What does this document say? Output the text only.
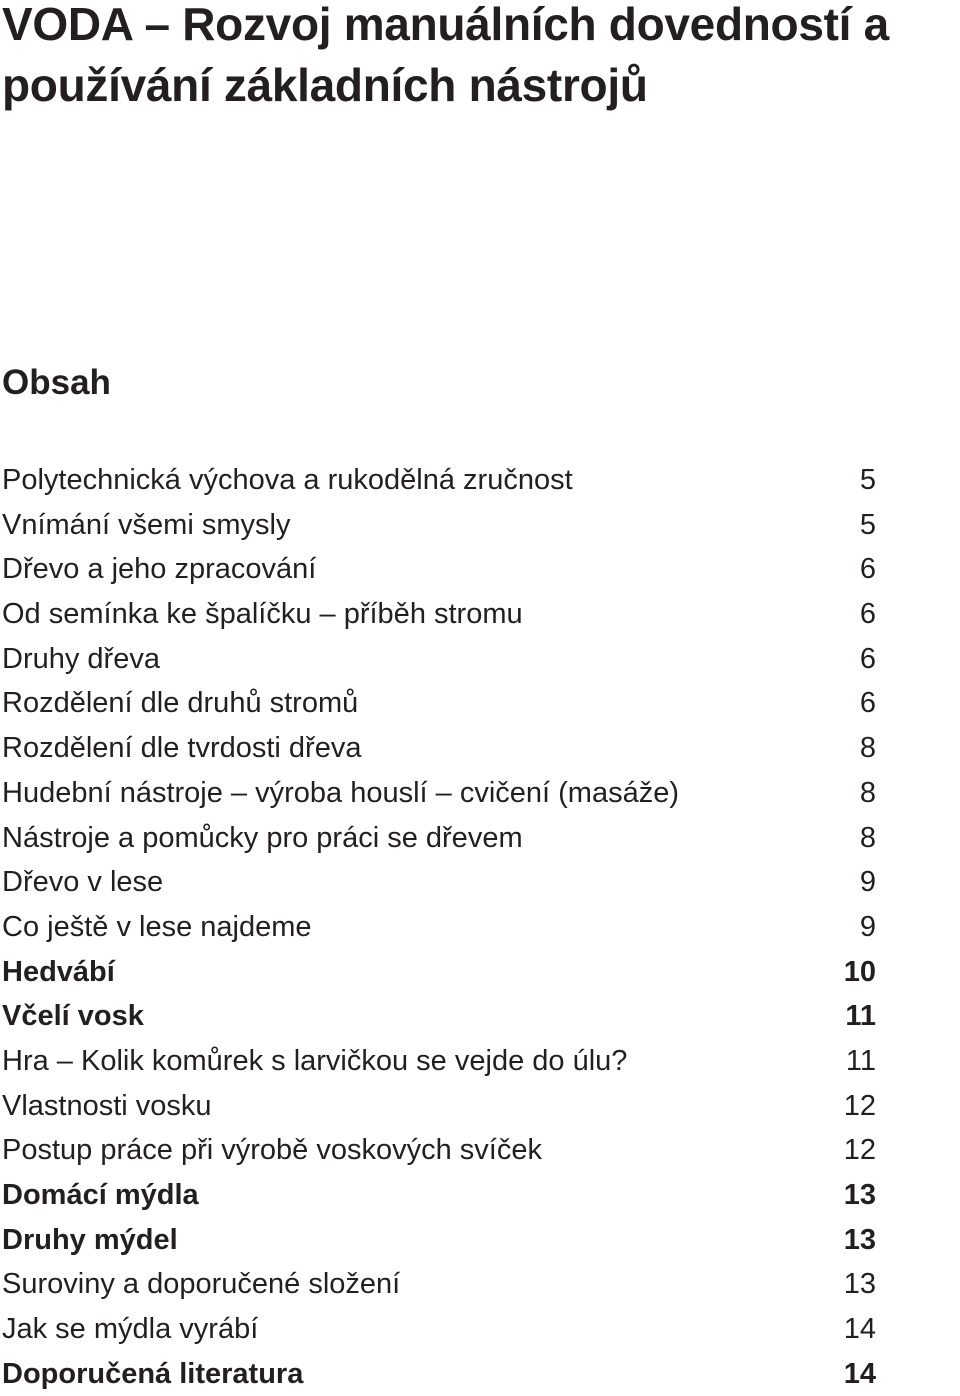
VODA – Rozvoj manuálních dovedností a používání základních nástrojů
Obsah
Polytechnická výchova a rukodělná zručnost	5
Vnímání všemi smysly	5
Dřevo a jeho zpracování	6
Od semínka ke špalíčku – příběh stromu	6
Druhy dřeva	6
Rozdělení dle druhů stromů	6
Rozdělení dle tvrdosti dřeva	8
Hudební nástroje – výroba houslí – cvičení (masáže)	8
Nástroje a pomůcky pro práci se dřevem	8
Dřevo v lese	9
Co ještě v lese najdeme	9
Hedvábí	10
Včelí vosk	11
Hra – Kolik komůrek s larvičkou se vejde do úlu?	11
Vlastnosti vosku	12
Postup práce při výrobě voskových svíček	12
Domácí mýdla	13
Druhy mýdel	13
Suroviny a doporučené složení	13
Jak se mýdla vyrábí	14
Doporučená literatura	14
